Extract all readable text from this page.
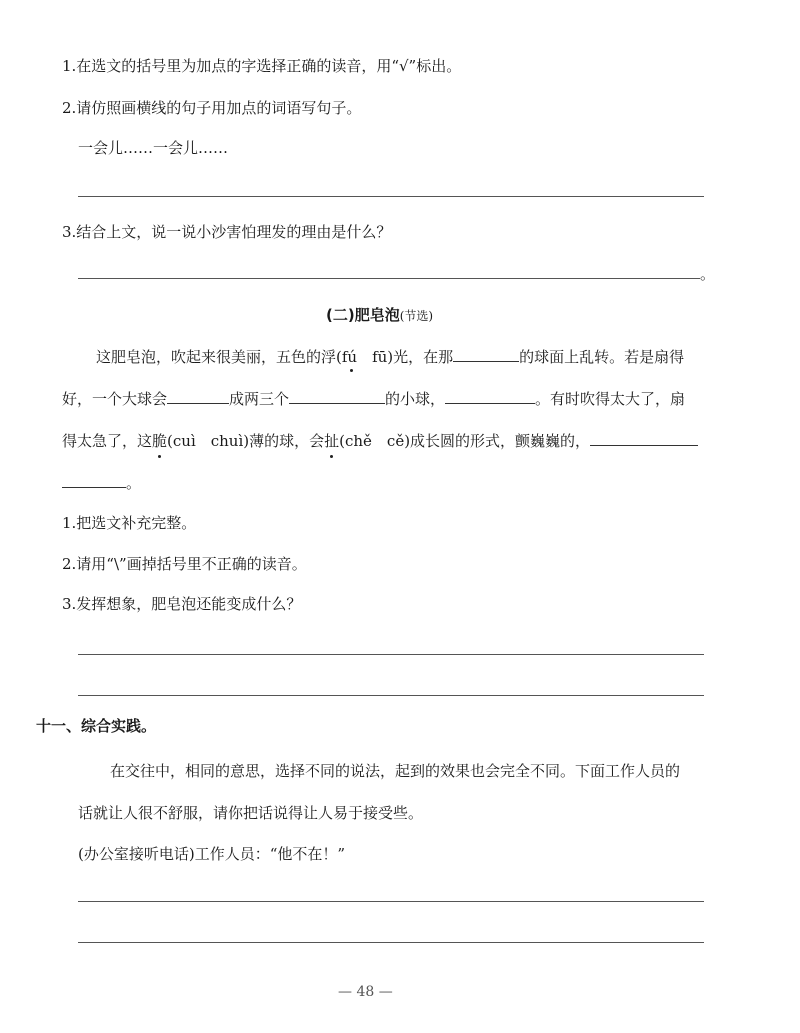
1.在选文的括号里为加点的字选择正确的读音，用“√”标出。
2.请仿照画横线的句子用加点的词语写句子。
一会儿……一会儿……
3.结合上文，说一说小沙害怕理发的理由是什么？
。
(二)肥皂泡(节选)
这肥皂泡，吹起来很美丽，五色的浮(fú　fū)光，在那	的球面上乱转。若是扇得
好，一个大球会	成两三个	的小球，	。有时吹得太大了，扇
得太急了，这脆(cuì　chuì)薄的球，会扯(chě　cě)成长圆的形式，颤巍巍的，
。
1.把选文补充完整。
2.请用“\”画掉括号里不正确的读音。
3.发挥想象，肥皂泡还能变成什么？
十一、综合实践。
在交往中，相同的意思，选择不同的说法，起到的效果也会完全不同。下面工作人员的
话就让人很不舒服，请你把话说得让人易于接受些。
(办公室接听电话)工作人员：“他不在！”
— 48 —
